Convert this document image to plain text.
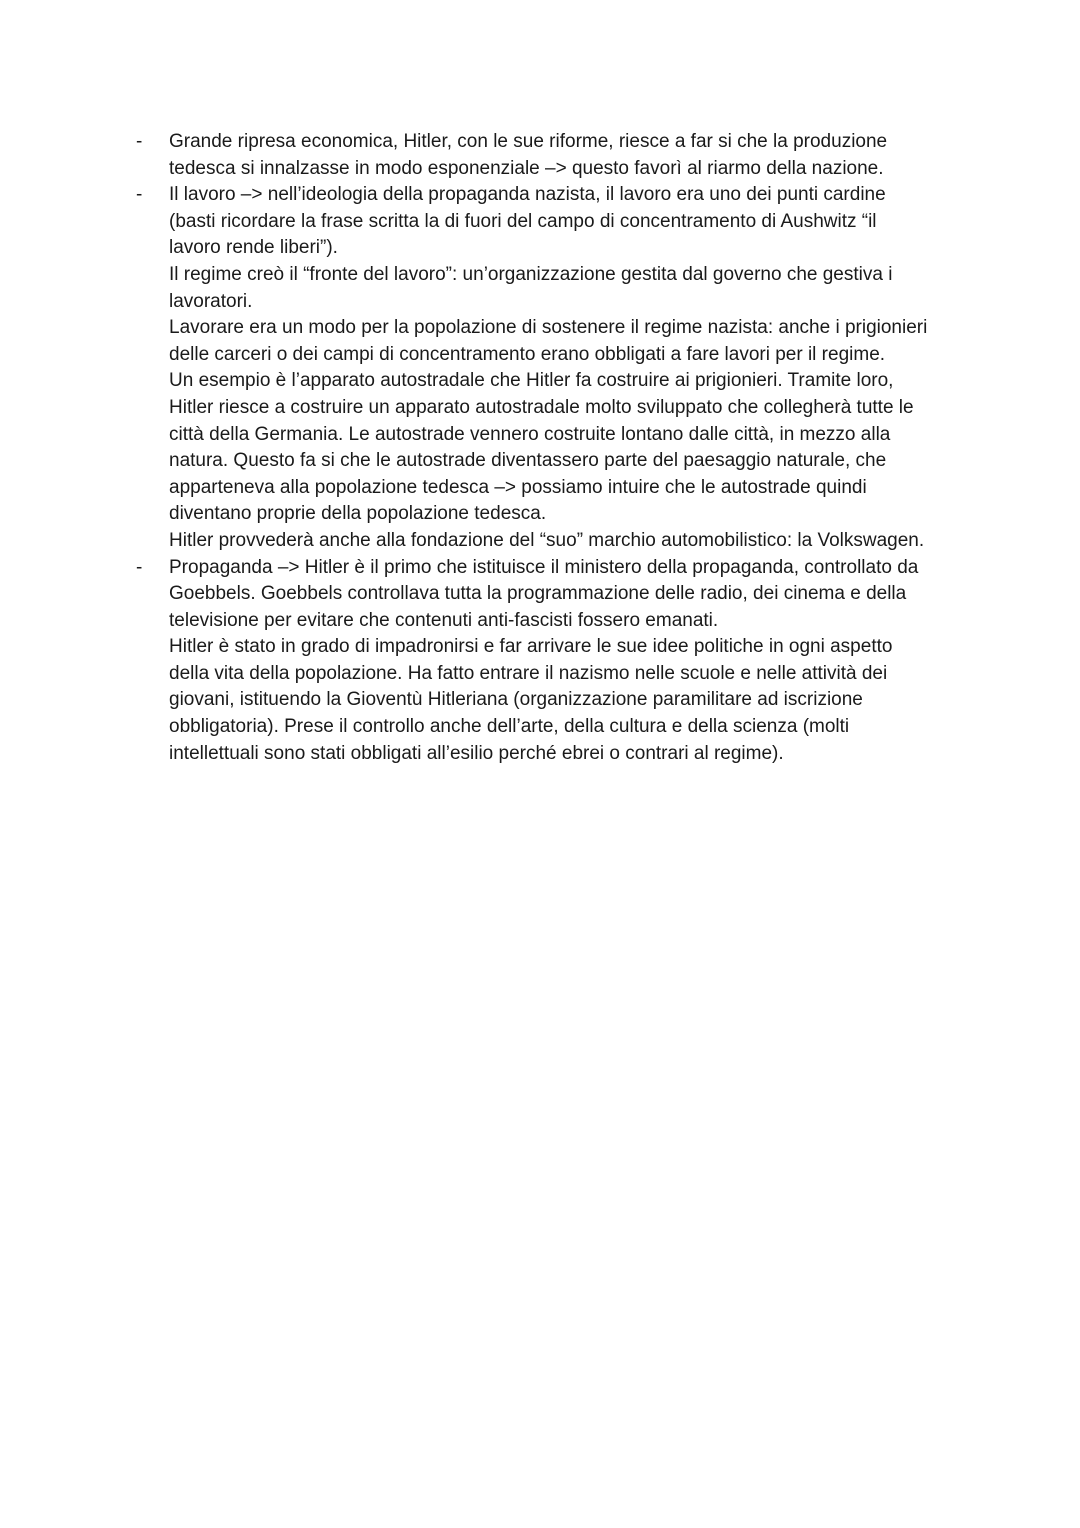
- Grande ripresa economica, Hitler, con le sue riforme, riesce a far si che la produzione
tedesca si innalzasse in modo esponenziale –> questo favorì al riarmo della nazione.

- Il lavoro –> nell’ideologia della propaganda nazista, il lavoro era uno dei punti cardine
(basti ricordare la frase scritta la di fuori del campo di concentramento di Aushwitz “il
lavoro rende liberi”).

Il regime creò il “fronte del lavoro”: un’organizzazione gestita dal governo che gestiva i
lavoratori.

Lavorare era un modo per la popolazione di sostenere il regime nazista: anche i prigionieri
delle carceri o dei campi di concentramento erano obbligati a fare lavori per il regime.

Un esempio è l’apparato autostradale che Hitler fa costruire ai prigionieri. Tramite loro,
Hitler riesce a costruire un apparato autostradale molto sviluppato che collegherà tutte le
città della Germania. Le autostrade vennero costruite lontano dalle città, in mezzo alla
natura. Questo fa si che le autostrade diventassero parte del paesaggio naturale, che
apparteneva alla popolazione tedesca –> possiamo intuire che le autostrade quindi
diventano proprie della popolazione tedesca.

Hitler provvederà anche alla fondazione del “suo” marchio automobilistico: la Volkswagen.

- Propaganda –> Hitler è il primo che istituisce il ministero della propaganda, controllato da
Goebbels. Goebbels controllava tutta la programmazione delle radio, dei cinema e della
televisione per evitare che contenuti anti-fascisti fossero emanati.

Hitler è stato in grado di impadronirsi e far arrivare le sue idee politiche in ogni aspetto
della vita della popolazione. Ha fatto entrare il nazismo nelle scuole e nelle attività dei
giovani, istituendo la Gioventù Hitleriana (organizzazione paramilitare ad iscrizione
obbligatoria). Prese il controllo anche dell’arte, della cultura e della scienza (molti
intellettuali sono stati obbligati all’esilio perché ebrei o contrari al regime).
